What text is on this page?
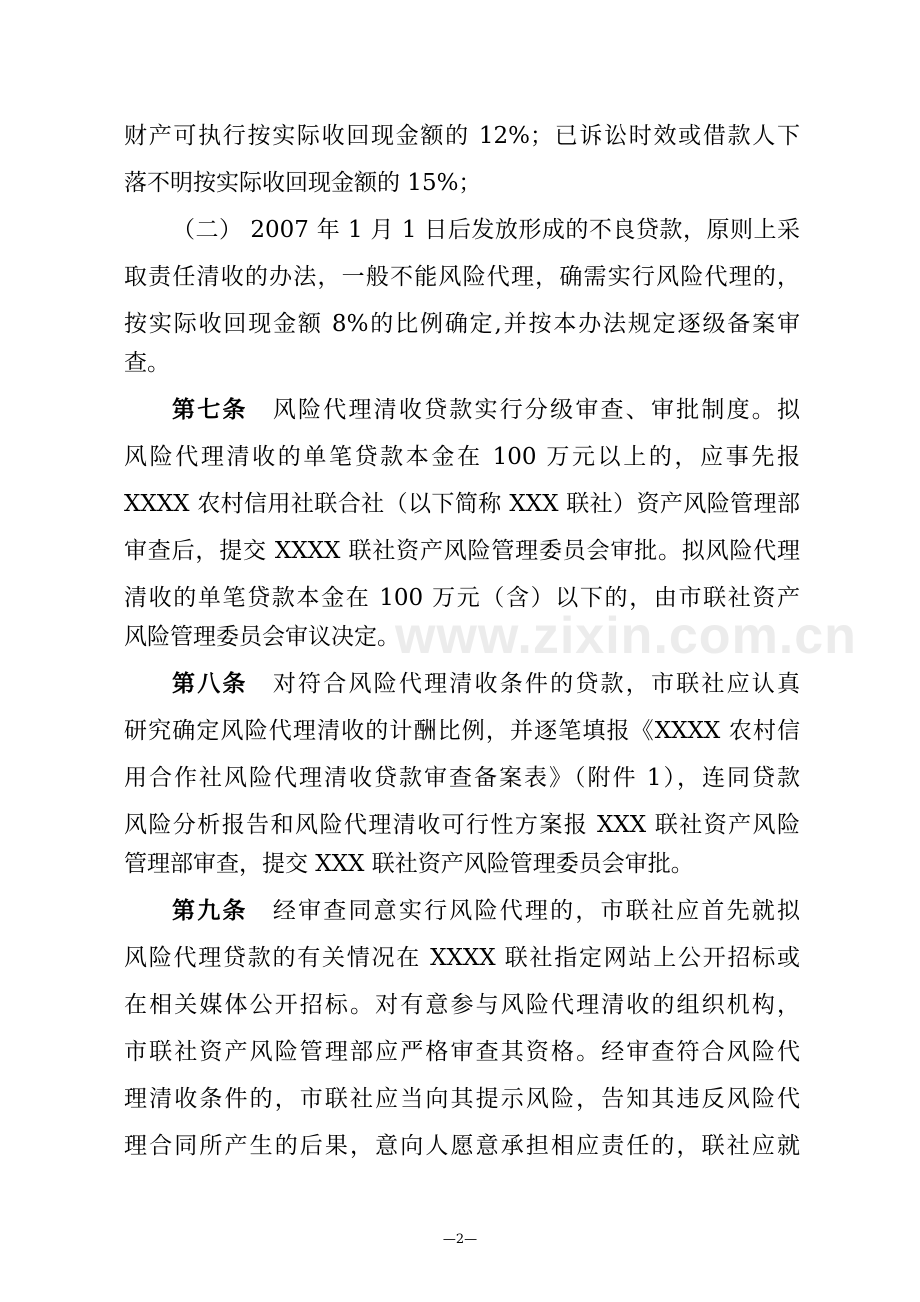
www.zixin.com.cn
财产可执行按实际收回现金额的 12%；已诉讼时效或借款人下
落不明按实际收回现金额的 15%；
（二） 2007 年 1 月 1 日后发放形成的不良贷款，原则上采
取责任清收的办法，一般不能风险代理，确需实行风险代理的，
按实际收回现金额 8%的比例确定,并按本办法规定逐级备案审
查。
第七条　 风险代理清收贷款实行分级审查、审批制度。拟
风险代理清收的单笔贷款本金在 100 万元以上的，应事先报
XXXX 农村信用社联合社（以下简称 XXX 联社）资产风险管理部
审查后，提交 XXXX 联社资产风险管理委员会审批。拟风险代理
清收的单笔贷款本金在 100 万元（含）以下的，由市联社资产
风险管理委员会审议决定。
第八条　 对符合风险代理清收条件的贷款，市联社应认真
研究确定风险代理清收的计酬比例，并逐笔填报《XXXX 农村信
用合作社风险代理清收贷款审查备案表》（附件 1），连同贷款
风险分析报告和风险代理清收可行性方案报 XXX 联社资产风险
管理部审查，提交 XXX 联社资产风险管理委员会审批。
第九条　 经审查同意实行风险代理的，市联社应首先就拟
风险代理贷款的有关情况在 XXXX 联社指定网站上公开招标或
在相关媒体公开招标。对有意参与风险代理清收的组织机构，
市联社资产风险管理部应严格审查其资格。经审查符合风险代
理清收条件的，市联社应当向其提示风险，告知其违反风险代
理合同所产生的后果，意向人愿意承担相应责任的，联社应就
—2—
